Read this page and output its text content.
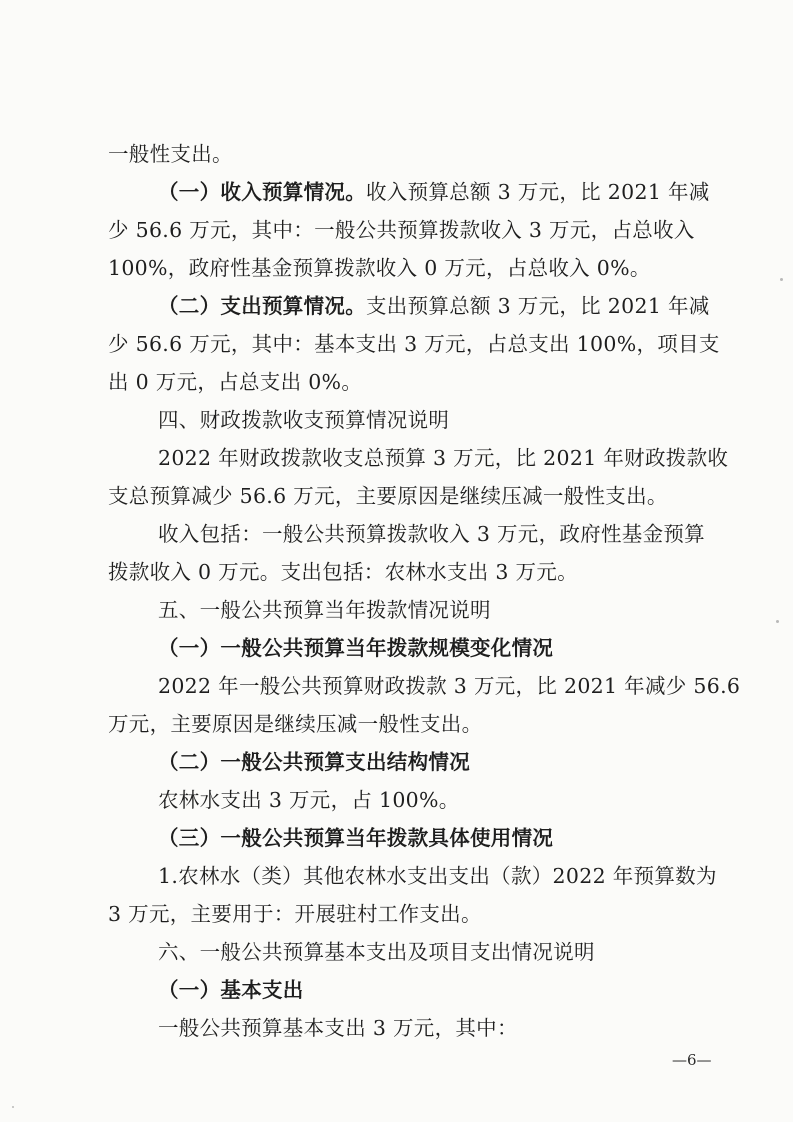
一般性支出。
（一）收入预算情况。收入预算总额 3 万元，比 2021 年减
少 56.6 万元，其中：一般公共预算拨款收入 3 万元，占总收入
100%，政府性基金预算拨款收入 0 万元，占总收入 0%。
（二）支出预算情况。支出预算总额 3 万元，比 2021 年减
少 56.6 万元，其中：基本支出 3 万元，占总支出 100%，项目支
出 0 万元，占总支出 0%。
四、财政拨款收支预算情况说明
2022 年财政拨款收支总预算 3 万元，比 2021 年财政拨款收
支总预算减少 56.6 万元，主要原因是继续压减一般性支出。
收入包括：一般公共预算拨款收入 3 万元，政府性基金预算
拨款收入 0 万元。支出包括：农林水支出 3 万元。
五、一般公共预算当年拨款情况说明
（一）一般公共预算当年拨款规模变化情况
2022 年一般公共预算财政拨款 3 万元，比 2021 年减少 56.6
万元，主要原因是继续压减一般性支出。
（二）一般公共预算支出结构情况
农林水支出 3 万元，占 100%。
（三）一般公共预算当年拨款具体使用情况
1.农林水（类）其他农林水支出支出（款）2022 年预算数为
3 万元，主要用于：开展驻村工作支出。
六、一般公共预算基本支出及项目支出情况说明
（一）基本支出
一般公共预算基本支出 3 万元，其中：
—6—
